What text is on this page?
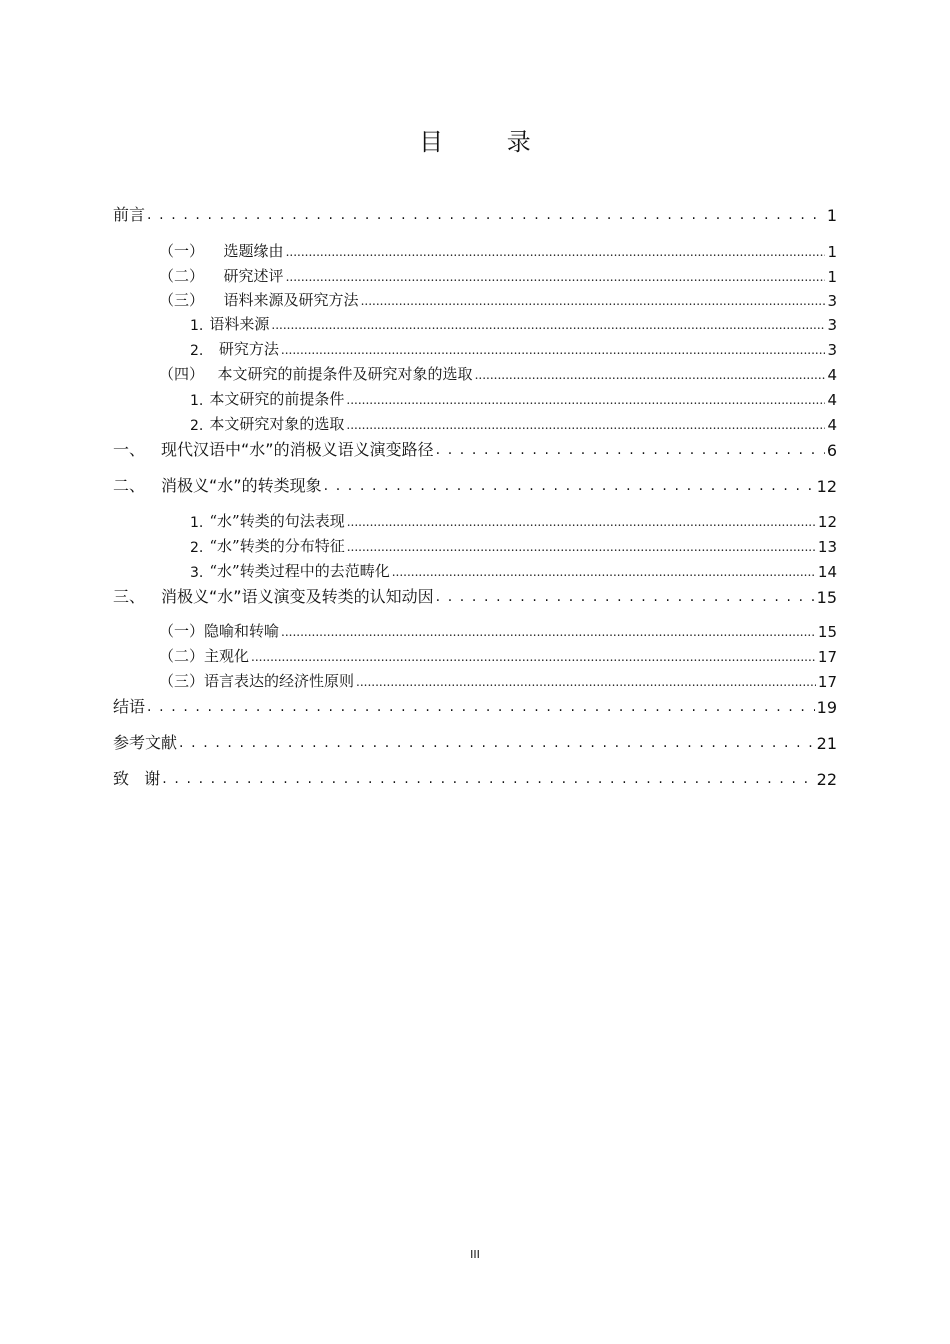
目 录
前言 . . .	1
（一） 选题缘由 .....	1
（二） 研究述评 .....	1
（三） 语料来源及研究方法 .....	3
1. 语料来源 .....	3
2. 研究方法 .....	3
（四） 本文研究的前提条件及研究对象的选取 .....	4
1. 本文研究的前提条件 .....	4
2. 本文研究对象的选取 .....	4
一、 现代汉语中“水”的消极义语义演变路径 . . .	6
二、 消极义“水”的转类现象 . . .	12
1. “水”转类的句法表现 .....	12
2. “水”转类的分布特征 .....	13
3. “水”转类过程中的去范畴化 .....	14
三、 消极义“水”语义演变及转类的认知动因 . . .	15
（一） 隐喻和转喻 .....	15
（二） 主观化 .....	17
（三） 语言表达的经济性原则 .....	17
结语 . . .	19
参考文献 . . .	21
致   谢 . . .	22
III
